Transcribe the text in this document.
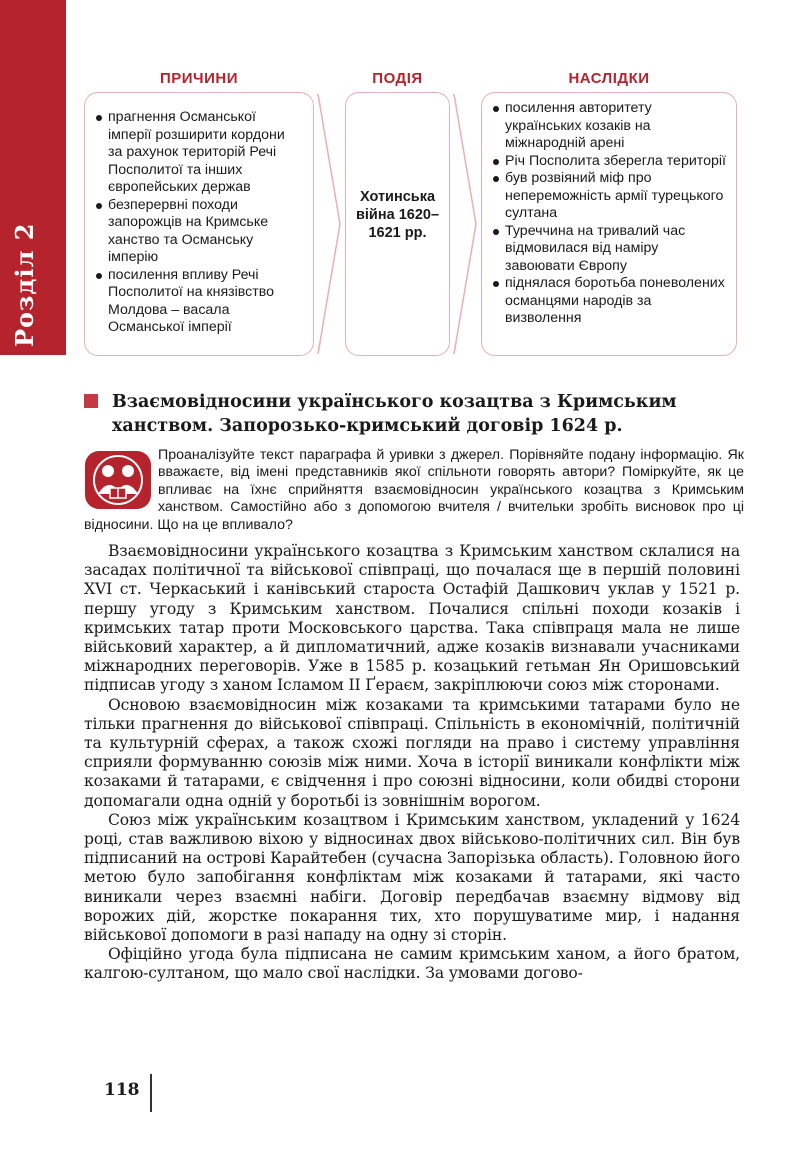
Розділ 2
ПРИЧИНИ	ПОДІЯ	НАСЛІДКИ
прагнення Османської імперії розширити кордони за рахунок територій Речі Посполитої та інших європейських держав
безперервні походи запорожців на Кримське ханство та Османську імперію
посилення впливу Речі Посполитої на князівство Молдова – васала Османської імперії
Хотинська війна 1620–1621 рр.
посилення авторитету українських козаків на міжнародній арені
Річ Посполита зберегла території
був розвіяний міф про непереможність армії турецького султана
Туреччина на тривалий час відмовилася від наміру завоювати Європу
піднялася боротьба поневолених османцями народів за визволення
Взаємовідносини українського козацтва з Кримським ханством. Запорозько-кримський договір 1624 р.
Проаналізуйте текст параграфа й уривки з джерел. Порівняйте подану інформацію. Як вважаєте, від імені представників якої спільноти говорять автори? Поміркуйте, як це впливає на їхнє сприйняття взаємовідносин українського козацтва з Кримським ханством. Самостійно або з допомогою вчителя / вчительки зробіть висновок про ці відносини. Що на це впливало?

Взаємовідносини українського козацтва з Кримським ханством склалися на засадах політичної та військової співпраці, що почалася ще в першій половині XVI ст. Черкаський і канівський староста Остафій Дашкович уклав у 1521 р. першу угоду з Кримським ханством. Почалися спільні походи козаків і кримських татар проти Московського царства. Така співпраця мала не лише військовий характер, а й дипломатичний, адже козаків визнавали учасниками міжнародних переговорів. Уже в 1585 р. козацький гетьман Ян Оришовський підписав угоду з ханом Ісламом II Ґераєм, закріплюючи союз між сторонами.

Основою взаємовідносин між козаками та кримськими татарами було не тільки прагнення до військової співпраці. Спільність в економічній, політичній та культурній сферах, а також схожі погляди на право і систему управління сприяли формуванню союзів між ними. Хоча в історії виникали конфлікти між козаками й татарами, є свідчення і про союзні відносини, коли обидві сторони допомагали одна одній у боротьбі із зовнішнім ворогом.

Союз між українським козацтвом і Кримським ханством, укладений у 1624 році, став важливою віхою у відносинах двох військово-політичних сил. Він був підписаний на острові Карайтебен (сучасна Запорізька область). Головною його метою було запобігання конфліктам між козаками й татарами, які часто виникали через взаємні набіги. Договір передбачав взаємну відмову від ворожих дій, жорстке покарання тих, хто порушуватиме мир, і надання військової допомоги в разі нападу на одну зі сторін.

Офіційно угода була підписана не самим кримським ханом, а його братом, калгою-султаном, що мало свої наслідки. За умовами догово-

118
